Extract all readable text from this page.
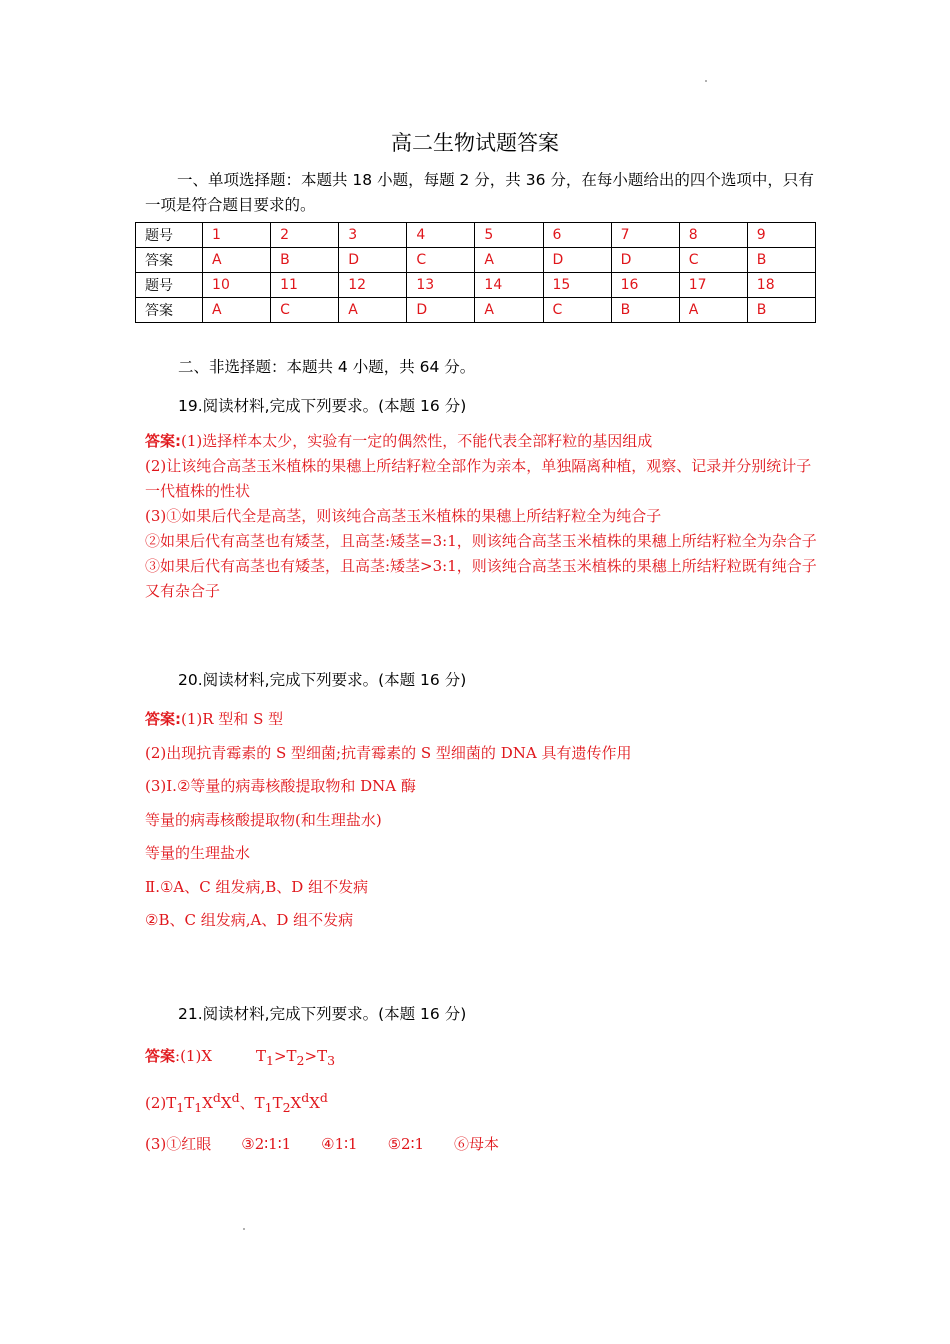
高二生物试题答案

一、单项选择题：本题共 18 小题，每题 2 分，共 36 分，在每小题给出的四个选项中，只有一项是符合题目要求的。

题号	1	2	3	4	5	6	7	8	9
答案	A	B	D	C	A	D	D	C	B
题号	10	11	12	13	14	15	16	17	18
答案	A	C	A	D	A	C	B	A	B
二、非选择题：本题共 4 小题，共 64 分。
19.阅读材料,完成下列要求。(本题 16 分)

答案:(1)选择样本太少，实验有一定的偶然性，不能代表全部籽粒的基因组成

(2)让该纯合高茎玉米植株的果穗上所结籽粒全部作为亲本，单独隔离种植，观察、记录并分别统计子一代植株的性状

(3)①如果后代全是高茎，则该纯合高茎玉米植株的果穗上所结籽粒全为纯合子

②如果后代有高茎也有矮茎，且高茎:矮茎=3:1，则该纯合高茎玉米植株的果穗上所结籽粒全为杂合子

③如果后代有高茎也有矮茎，且高茎:矮茎>3:1，则该纯合高茎玉米植株的果穗上所结籽粒既有纯合子又有杂合子

20.阅读材料,完成下列要求。(本题 16 分)

答案:(1)R 型和 S 型

(2)出现抗青霉素的 S 型细菌;抗青霉素的 S 型细菌的 DNA 具有遗传作用

(3)Ⅰ.②等量的病毒核酸提取物和 DNA 酶

等量的病毒核酸提取物(和生理盐水)

等量的生理盐水

Ⅱ.①A、C 组发病,B、D 组不发病

②B、C 组发病,A、D 组不发病

21.阅读材料,完成下列要求。(本题 16 分)

答案:(1)X	$T_1>T_2>T_3$

$(2)T_1T_1X^dX^d$、$T_1T_2X^dX^d$

(3)①红眼 ③2∶1∶1 ④1∶1 ⑤2∶1 ⑥母本
